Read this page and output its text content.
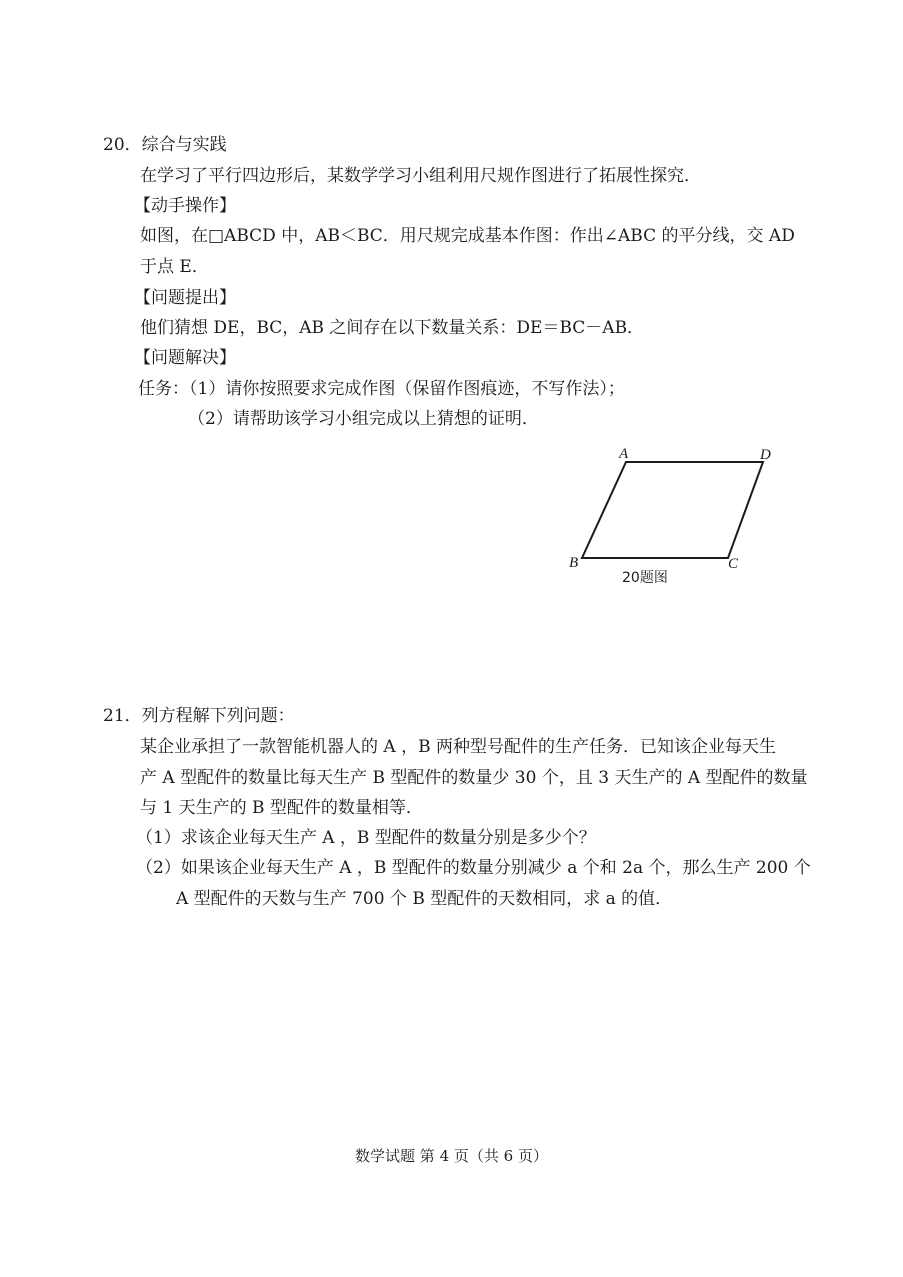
20．综合与实践
在学习了平行四边形后，某数学学习小组利用尺规作图进行了拓展性探究．
【动手操作】
如图，在□ABCD 中，AB＜BC．用尺规完成基本作图：作出∠ABC 的平分线，交 AD
于点 E．
【问题提出】
他们猜想 DE，BC，AB 之间存在以下数量关系：DE＝BC－AB．
【问题解决】
任务：（1）请你按照要求完成作图（保留作图痕迹，不写作法）；
（2）请帮助该学习小组完成以上猜想的证明．
A	D
B	C
20题图
21．列方程解下列问题：
某企业承担了一款智能机器人的 A ，B 两种型号配件的生产任务．已知该企业每天生
产 A 型配件的数量比每天生产 B 型配件的数量少 30 个，且 3 天生产的 A 型配件的数量
与 1 天生产的 B 型配件的数量相等．
（1）求该企业每天生产 A ，B 型配件的数量分别是多少个？
（2）如果该企业每天生产 A ，B 型配件的数量分别减少 a 个和 2a 个，那么生产 200 个
A 型配件的天数与生产 700 个 B 型配件的天数相同，求 a 的值．
数学试题 第 4 页（共 6 页）
